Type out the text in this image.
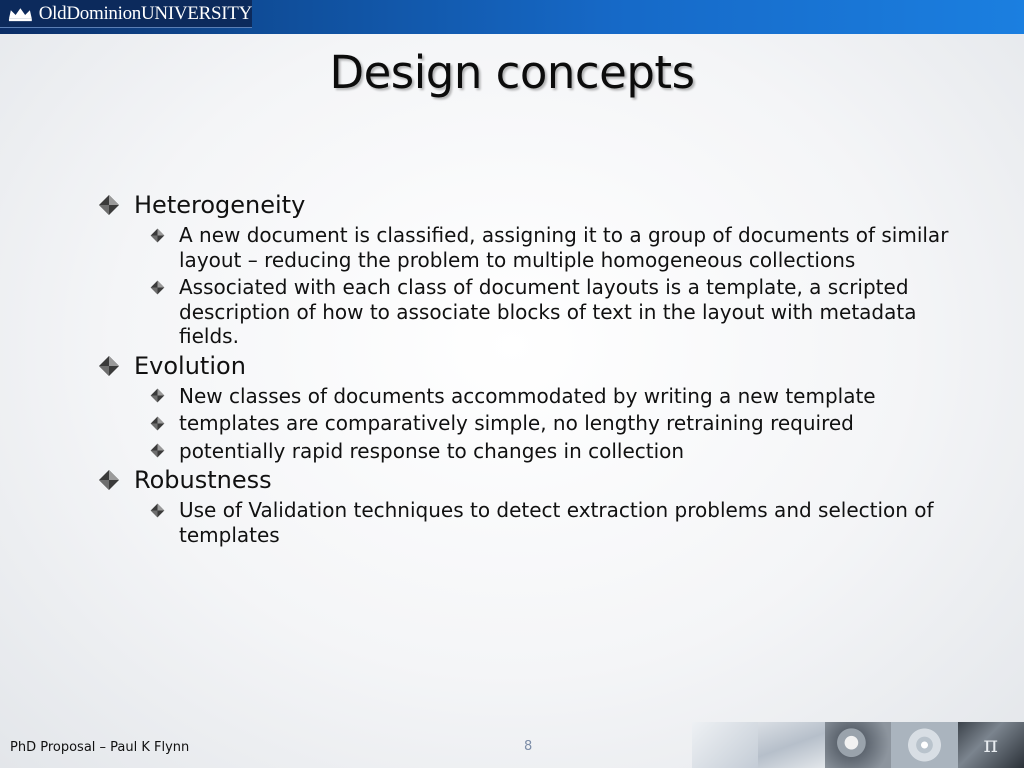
OldDominionUNIVERSITY
Design concepts
Heterogeneity
A new document is classified, assigning it to a group of documents of similar layout – reducing the problem to multiple homogeneous collections
Associated with each class of document layouts is a template, a scripted description of how to associate blocks of text in the layout with metadata fields.
Evolution
New classes of documents accommodated by writing a new template
templates are comparatively simple, no lengthy retraining required
potentially rapid response to changes in collection
Robustness
Use of Validation techniques to detect extraction problems and selection of templates
PhD Proposal – Paul K Flynn	8	π
